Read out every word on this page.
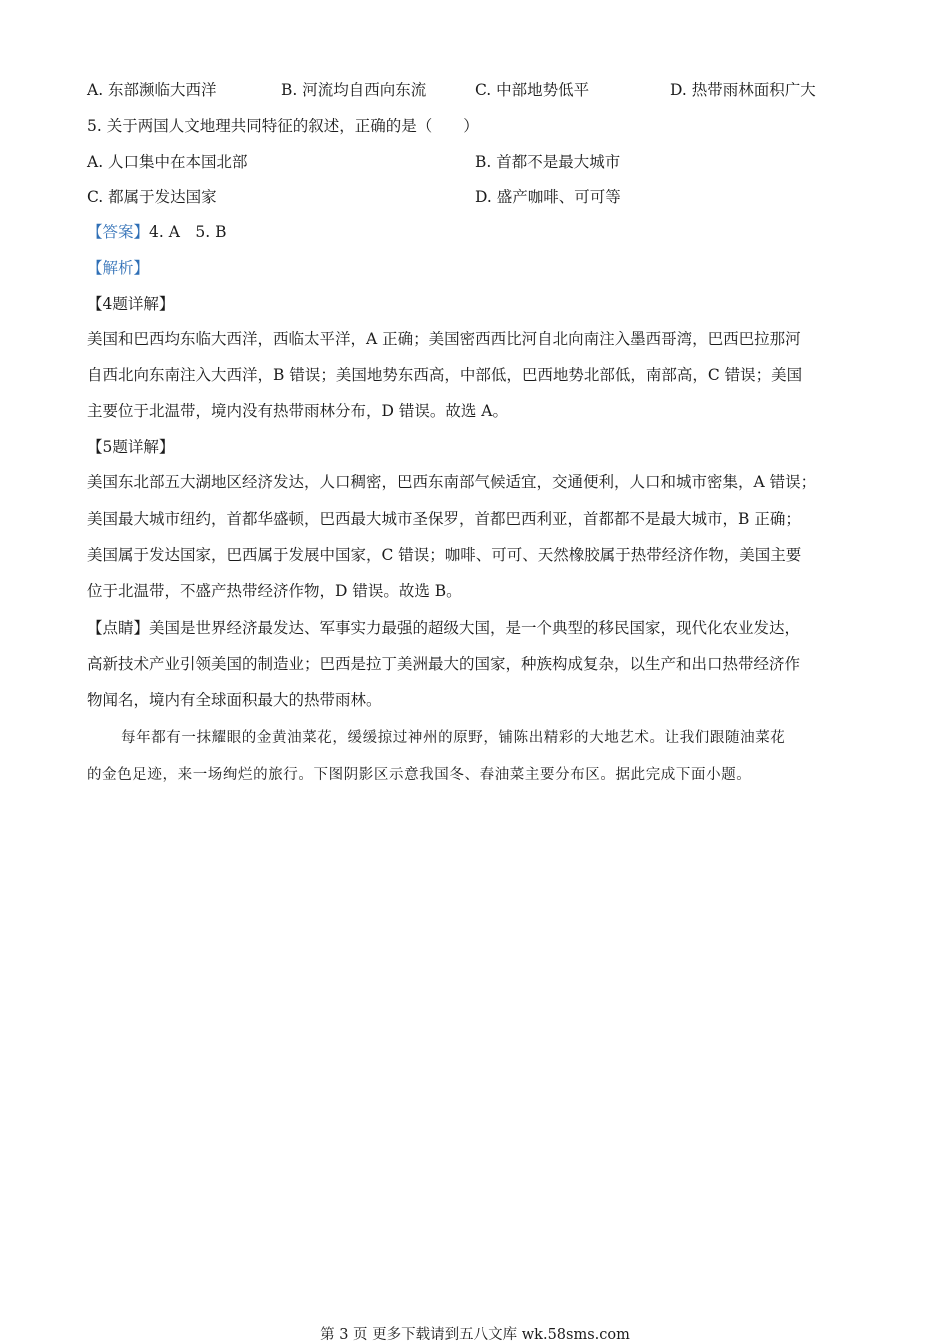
A. 东部濒临大西洋	B. 河流均自西向东流	C. 中部地势低平	D. 热带雨林面积广大
5. 关于两国人文地理共同特征的叙述，正确的是（　　）
A. 人口集中在本国北部	B. 首都不是最大城市
C. 都属于发达国家	D. 盛产咖啡、可可等
【答案】4. A　5. B
【解析】
【4题详解】
美国和巴西均东临大西洋，西临太平洋，A 正确；美国密西西比河自北向南注入墨西哥湾，巴西巴拉那河
自西北向东南注入大西洋，B 错误；美国地势东西高，中部低，巴西地势北部低，南部高，C 错误；美国
主要位于北温带，境内没有热带雨林分布，D 错误。故选 A。
【5题详解】
美国东北部五大湖地区经济发达，人口稠密，巴西东南部气候适宜，交通便利，人口和城市密集，A 错误；
美国最大城市纽约，首都华盛顿，巴西最大城市圣保罗，首都巴西利亚，首都都不是最大城市，B 正确；
美国属于发达国家，巴西属于发展中国家，C 错误；咖啡、可可、天然橡胶属于热带经济作物，美国主要
位于北温带，不盛产热带经济作物，D 错误。故选 B。
【点睛】美国是世界经济最发达、军事实力最强的超级大国，是一个典型的移民国家，现代化农业发达，
高新技术产业引领美国的制造业；巴西是拉丁美洲最大的国家，种族构成复杂，以生产和出口热带经济作
物闻名，境内有全球面积最大的热带雨林。
每年都有一抹耀眼的金黄油菜花，缓缓掠过神州的原野，铺陈出精彩的大地艺术。让我们跟随油菜花
的金色足迹，来一场绚烂的旅行。下图阴影区示意我国冬、春油菜主要分布区。据此完成下面小题。
第 3 页 更多下载请到五八文库 wk.58sms.com
